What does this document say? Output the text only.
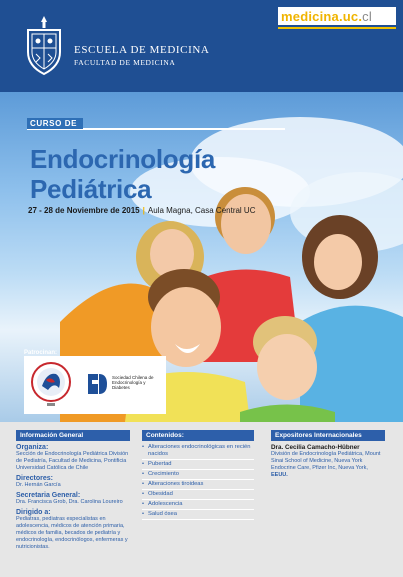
ESCUELA DE MEDICINA
FACULTAD DE MEDICINA
medicina.uc. cl
CURSO DE
Endocrinología
Pediátrica
27 - 28 de Noviembre de 2015 | Aula Magna, Casa Central UC
Patrocinan:
Sociedad Chilena de Endocrinología y Diabetes
Información General
Organiza:
Sección de Endocrinología Pediátrica División de Pediatría, Facultad de Medicina, Pontificia Universidad Católica de Chile
Directores:
Dr. Hernán García
Secretaria General:
Dra. Francisca Grob, Dra. Carolina Loureiro
Dirigido a:
Pediatras, pediatras especialistas en adolescencia, médicos de atención primaria, médicos de familia, becados de pediatría y endocrinología, endocrinólogos, enfermeras y nutricionistas.
Contenidos:
• Alteraciones endocrinológicas en recién nacidos
• Pubertad
• Crecimiento
• Alteraciones tiroideas
• Obesidad
• Adolescencia
• Salud ósea
Expositores Internacionales
Dra. Cecilia Camacho-Hübner
División de Endocrinología Pediátrica, Mount Sinai School of Medicine, Nueva York
Endocrine Care, Pfizer Inc, Nueva York, EEUU.
